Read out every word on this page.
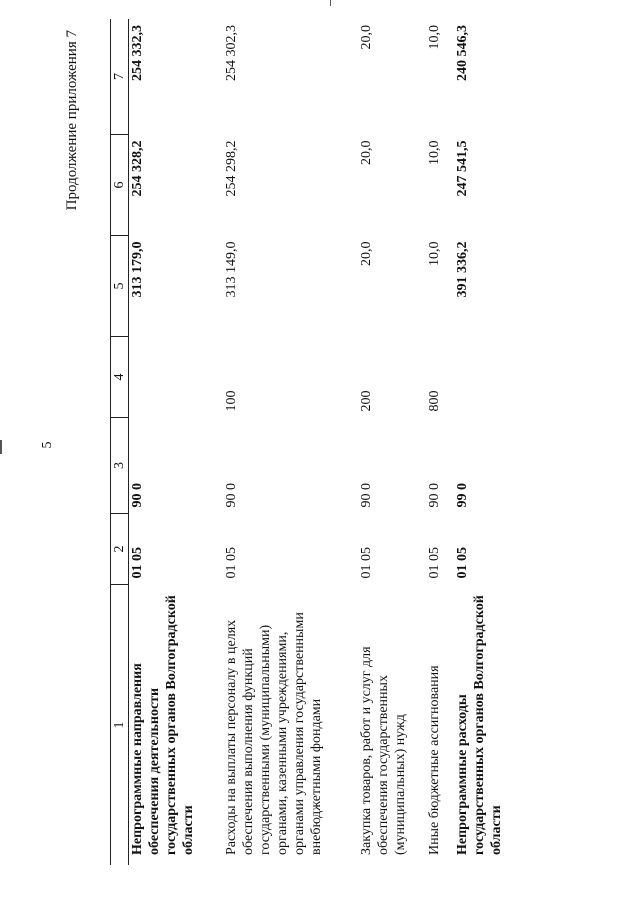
5
Продолжение приложения 7
1	2	3	4	5	6	7
Непрограммные направления обеспечения деятельности государственных органов Волгоградской области	01 05	90 0		313 179,0	254 328,2	254 332,3
Расходы на выплаты персоналу в целях обеспечения выполнения функций государственными (муниципальными) органами, казенными учреждениями, органами управления государственными внебюджетными фондами	01 05	90 0	100	313 149,0	254 298,2	254 302,3
Закупка товаров, работ и услуг для обеспечения государственных (муниципальных) нужд	01 05	90 0	200	20,0	20,0	20,0
Иные бюджетные ассигнования	01 05	90 0	800	10,0	10,0	10,0
Непрограммные расходы государственных органов Волгоградской области	01 05	99 0		391 336,2	247 541,5	240 546,3
